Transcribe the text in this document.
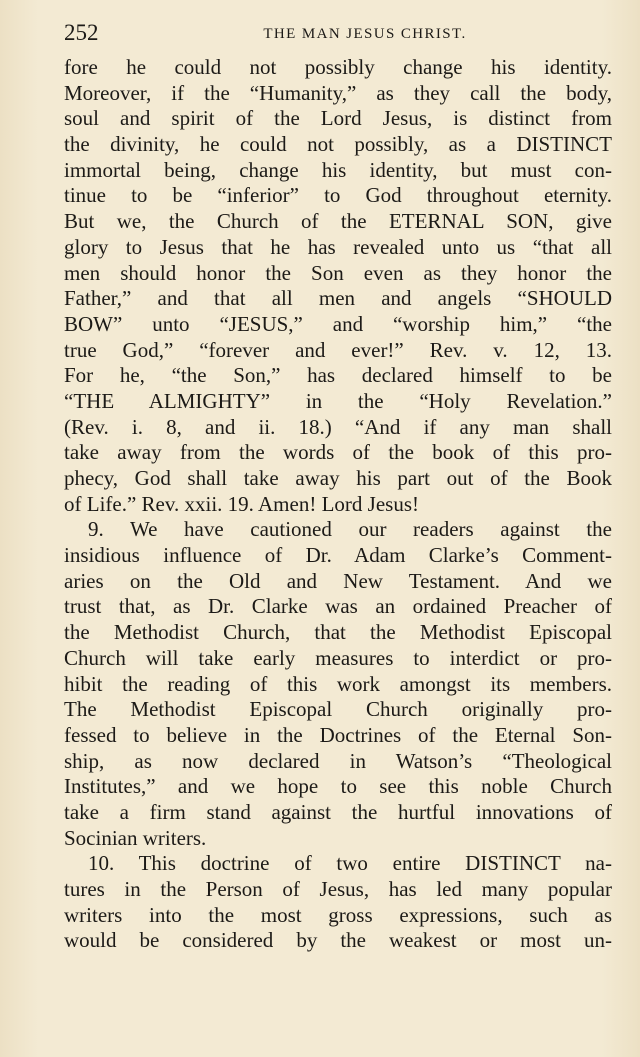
252	THE MAN JESUS CHRIST.
fore he could not possibly change his identity.
Moreover, if the “Humanity,” as they call the body,
soul and spirit of the Lord Jesus, is distinct from
the divinity, he could not possibly, as a DISTINCT
immortal being, change his identity, but must con-
tinue to be “inferior” to God throughout eternity.
But we, the Church of the ETERNAL SON, give
glory to Jesus that he has revealed unto us “that all
men should honor the Son even as they honor the
Father,” and that all men and angels “SHOULD
BOW” unto “JESUS,” and “worship him,” “the
true God,” “forever and ever!” Rev. v. 12, 13.
For he, “the Son,” has declared himself to be
“THE ALMIGHTY” in the “Holy Revelation.”
(Rev. i. 8, and ii. 18.) “And if any man shall
take away from the words of the book of this pro-
phecy, God shall take away his part out of the Book
of Life.” Rev. xxii. 19. Amen! Lord Jesus!
9. We have cautioned our readers against the
insidious influence of Dr. Adam Clarke’s Comment-
aries on the Old and New Testament. And we
trust that, as Dr. Clarke was an ordained Preacher of
the Methodist Church, that the Methodist Episcopal
Church will take early measures to interdict or pro-
hibit the reading of this work amongst its members.
The Methodist Episcopal Church originally pro-
fessed to believe in the Doctrines of the Eternal Son-
ship, as now declared in Watson’s “Theological
Institutes,” and we hope to see this noble Church
take a firm stand against the hurtful innovations of
Socinian writers.
10. This doctrine of two entire DISTINCT na-
tures in the Person of Jesus, has led many popular
writers into the most gross expressions, such as
would be considered by the weakest or most un-
